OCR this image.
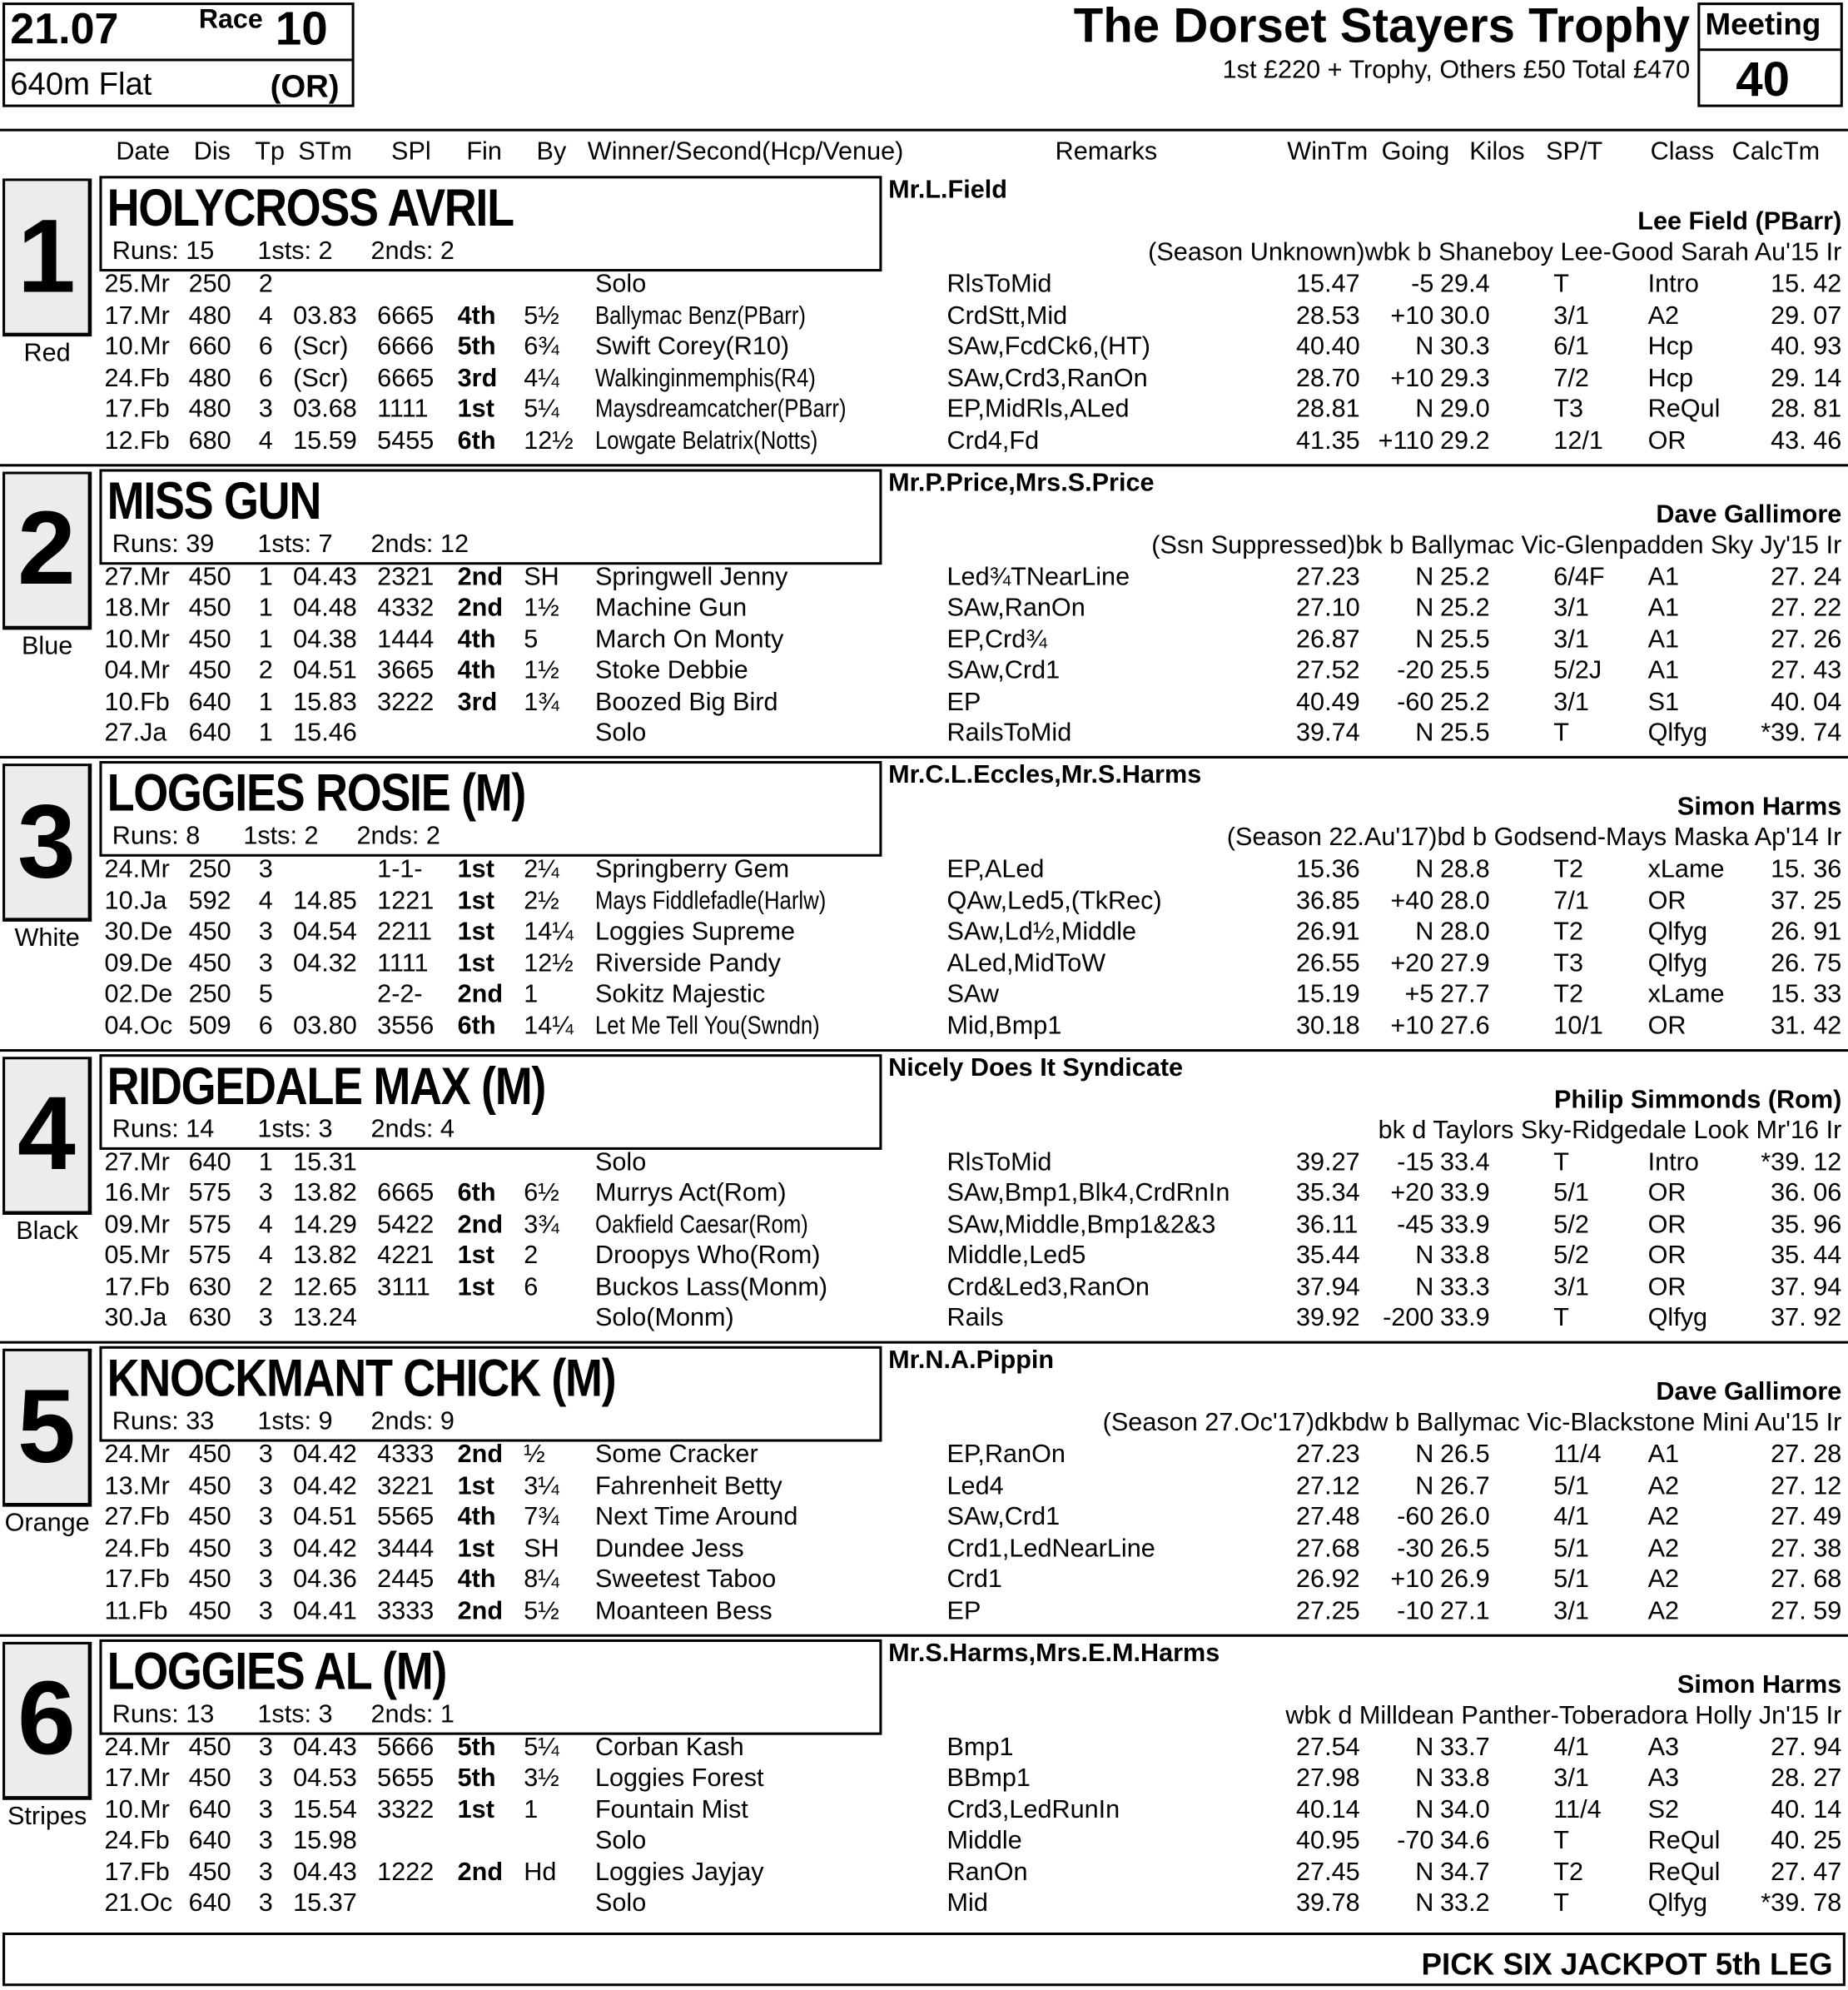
21.07	Race 10
640m Flat	(OR)
The Dorset Stayers Trophy
1st £220 + Trophy, Others £50 Total £470
Meeting
40
Date Dis Tp STm SPl Fin By Winner/Second(Hcp/Venue)	Remarks	WinTm Going Kilos SP/T	Class CalcTm
1
Red
HOLYCROSS AVRIL
Runs: 15	1sts: 2 2nds: 2
Mr.L.Field
Lee Field (PBarr)
(Season Unknown)wbk b Shaneboy Lee-Good Sarah Au'15 Ir
25.Mr 250 2	Solo	RlsToMid	15.47	-5 29.4	T	Intro	15. 42
17.Mr 480 4 03.83 6665 4th 5½ Ballymac Benz(PBarr)	CrdStt,Mid	28.53 +10 30.0	3/1	A2	29. 07
10.Mr 660 6 (Scr) 6666 5th 6¾ Swift Corey(R10)	SAw,FcdCk6,(HT)	40.40	N 30.3	6/1	Hcp	40. 93
24.Fb 480 6 (Scr) 6665 3rd 4¼ Walkinginmemphis(R4)	SAw,Crd3,RanOn	28.70 +10 29.3	7/2	Hcp	29. 14
17.Fb 480 3 03.68 1111 1st 5¼ Maysdreamcatcher(PBarr)	EP,MidRls,ALed	28.81	N 29.0	T3	ReQul	28. 81
12.Fb 680 4 15.59 5455 6th 12½ Lowgate Belatrix(Notts)	Crd4,Fd	41.35 +110 29.2	12/1	OR	43. 46
2
Blue
MISS GUN
Runs: 39	1sts: 7 2nds: 12
Mr.P.Price,Mrs.S.Price
Dave Gallimore
(Ssn Suppressed)bk b Ballymac Vic-Glenpadden Sky Jy'15 Ir
27.Mr 450 1 04.43 2321 2nd SH Springwell Jenny	Led¾TNearLine	27.23	N 25.2	6/4F	A1	27. 24
18.Mr 450 1 04.48 4332 2nd 1½ Machine Gun	SAw,RanOn	27.10	N 25.2	3/1	A1	27. 22
10.Mr 450 1 04.38 1444 4th 5	March On Monty	EP,Crd¾	26.87	N 25.5	3/1	A1	27. 26
04.Mr 450 2 04.51 3665 4th 1½ Stoke Debbie	SAw,Crd1	27.52 -20 25.5	5/2J	A1	27. 43
10.Fb 640 1 15.83 3222 3rd 1¾ Boozed Big Bird	EP	40.49 -60 25.2	3/1	S1	40. 04
27.Ja 640 1 15.46	Solo	RailsToMid	39.74	N 25.5	T	Qlfyg	*39. 74
3
White
LOGGIES ROSIE (M)
Runs: 8	1sts: 2 2nds: 2
Mr.C.L.Eccles,Mr.S.Harms
Simon Harms
(Season 22.Au'17)bd b Godsend-Mays Maska Ap'14 Ir
24.Mr 250 3	1-1- 1st 2¼ Springberry Gem	EP,ALed	15.36	N 28.8	T2	xLame	15. 36
10.Ja 592 4 14.85 1221 1st 2½ Mays Fiddlefadle(Harlw)	QAw,Led5,(TkRec)	36.85 +40 28.0	7/1	OR	37. 25
30.De 450 3 04.54 2211 1st 14¼ Loggies Supreme	SAw,Ld½,Middle	26.91	N 28.0	T2	Qlfyg	26. 91
09.De 450 3 04.32 1111 1st 12½ Riverside Pandy	ALed,MidToW	26.55 +20 27.9	T3	Qlfyg	26. 75
02.De 250 5	2-2- 2nd 1	Sokitz Majestic	SAw	15.19	+5 27.7	T2	xLame	15. 33
04.Oc 509 6 03.80 3556 6th 14¼ Let Me Tell You(Swndn)	Mid,Bmp1	30.18 +10 27.6	10/1	OR	31. 42
4
Black
RIDGEDALE MAX (M)
Runs: 14	1sts: 3 2nds: 4
Nicely Does It Syndicate
Philip Simmonds (Rom)
bk d Taylors Sky-Ridgedale Look Mr'16 Ir
27.Mr 640 1 15.31	Solo	RlsToMid	39.27 -15 33.4	T	Intro	*39. 12
16.Mr 575 3 13.82 6665 6th 6½ Murrys Act(Rom)	SAw,Bmp1,Blk4,CrdRnIn	35.34 +20 33.9	5/1	OR	36. 06
09.Mr 575 4 14.29 5422 2nd 3¾ Oakfield Caesar(Rom)	SAw,Middle,Bmp1&2&3	36.11 -45 33.9	5/2	OR	35. 96
05.Mr 575 4 13.82 4221 1st 2	Droopys Who(Rom)	Middle,Led5	35.44	N 33.8	5/2	OR	35. 44
17.Fb 630 2 12.65 3111 1st 6	Buckos Lass(Monm)	Crd&Led3,RanOn	37.94	N 33.3	3/1	OR	37. 94
30.Ja 630 3 13.24	Solo(Monm)	Rails	39.92 -200 33.9	T	Qlfyg	37. 92
5
Orange
KNOCKMANT CHICK (M)
Runs: 33	1sts: 9 2nds: 9
Mr.N.A.Pippin
Dave Gallimore
(Season 27.Oc'17)dkbdw b Ballymac Vic-Blackstone Mini Au'15 Ir
24.Mr 450 3 04.42 4333 2nd ½	Some Cracker	EP,RanOn	27.23	N 26.5	11/4	A1	27. 28
13.Mr 450 3 04.42 3221 1st 3¼ Fahrenheit Betty	Led4	27.12	N 26.7	5/1	A2	27. 12
27.Fb 450 3 04.51 5565 4th 7¾ Next Time Around	SAw,Crd1	27.48 -60 26.0	4/1	A2	27. 49
24.Fb 450 3 04.42 3444 1st SH Dundee Jess	Crd1,LedNearLine	27.68 -30 26.5	5/1	A2	27. 38
17.Fb 450 3 04.36 2445 4th 8¼ Sweetest Taboo	Crd1	26.92 +10 26.9	5/1	A2	27. 68
11.Fb 450 3 04.41 3333 2nd 5½ Moanteen Bess	EP	27.25 -10 27.1	3/1	A2	27. 59
6
Stripes
LOGGIES AL (M)
Runs: 13	1sts: 3 2nds: 1
Mr.S.Harms,Mrs.E.M.Harms
Simon Harms
wbk d Milldean Panther-Toberadora Holly Jn'15 Ir
24.Mr 450 3 04.43 5666 5th 5¼ Corban Kash	Bmp1	27.54	N 33.7	4/1	A3	27. 94
17.Mr 450 3 04.53 5655 5th 3½ Loggies Forest	BBmp1	27.98	N 33.8	3/1	A3	28. 27
10.Mr 640 3 15.54 3322 1st 1	Fountain Mist	Crd3,LedRunIn	40.14	N 34.0	11/4	S2	40. 14
24.Fb 640 3 15.98	Solo	Middle	40.95 -70 34.6	T	ReQul	40. 25
17.Fb 450 3 04.43 1222 2nd Hd Loggies Jayjay	RanOn	27.45	N 34.7	T2	ReQul	27. 47
21.Oc 640 3 15.37	Solo	Mid	39.78	N 33.2	T	Qlfyg	*39. 78
PICK SIX JACKPOT 5th LEG
